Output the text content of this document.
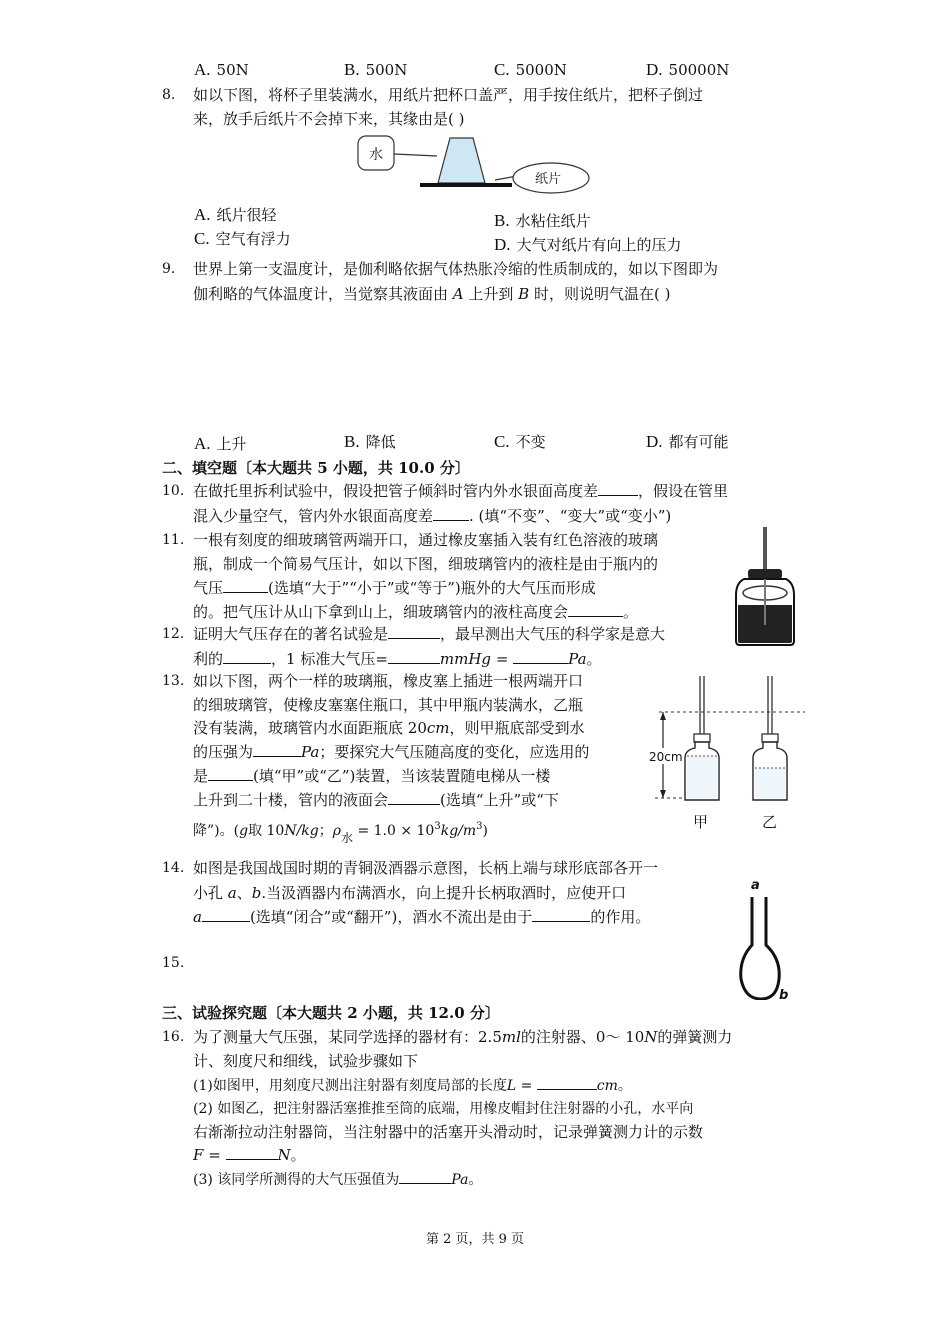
A. 50N	B. 500N	C. 5000N	D. 50000N
8. 如以下图，将杯子里装满水，用纸片把杯口盖严，用手按住纸片，把杯子倒过
来，放手后纸片不会掉下来，其缘由是( )
水
纸片
A. 纸片很轻	B. 水粘住纸片
C. 空气有浮力	D. 大气对纸片有向上的压力
9. 世界上第一支温度计，是伽利略依据气体热胀冷缩的性质制成的，如以下图即为
伽利略的气体温度计，当觉察其液面由 A 上升到 B 时，则说明气温在( )
A. 上升	B. 降低	C. 不变	D. 都有可能
二、填空题〔本大题共 5 小题，共 10.0 分〕
10. 在做托里拆利试验中，假设把管子倾斜时管内外水银面高度差	，假设在管里
混入少量空气，管内外水银面高度差 . (填“不变”、“变大”或“变小”)
11. 一根有刻度的细玻璃管两端开口，通过橡皮塞插入装有红色溶液的玻璃
瓶，制成一个简易气压计，如以下图，细玻璃管内的液柱是由于瓶内的
气压	(选填“大于”“小于”或“等于”)瓶外的大气压而形成
的。把气压计从山下拿到山上，细玻璃管内的液柱高度会	。
12. 证明大气压存在的著名试验是	，最早测出大气压的科学家是意大
利的	，1 标准大气压=	mmHg =	Pa。
13. 如以下图，两个一样的玻璃瓶，橡皮塞上插进一根两端开口
的细玻璃管，使橡皮塞塞住瓶口，其中甲瓶内装满水，乙瓶
没有装满，玻璃管内水面距瓶底 20cm，则甲瓶底部受到水
的压强为	Pa；要探究大气压随高度的变化，应选用的
是	(填“甲”或“乙”)装置，当该装置随电梯从一楼
上升到二十楼，管内的液面会	(选填“上升”或“下
降”)。(g取 10N/kg；ρ水 = $1.0 \times 10^3kg/m^3$)
20cm
甲	乙
14. 如图是我国战国时期的青铜汲酒器示意图，长柄上端与球形底部各开一
小孔 a、b.当汲酒器内布满酒水，向上提升长柄取酒时，应使开口
a	(选填“闭合”或“翻开”)，酒水不流出是由于	的作用。
a
b
15.
三、试验探究题〔本大题共 2 小题，共 12.0 分〕
16. 为了测量大气压强，某同学选择的器材有：2.5ml的注射器、0～ 10N的弹簧测力
计、刻度尺和细线，试验步骤如下
(1)如图甲，用刻度尺测出注射器有刻度局部的长度L =	cm。
(2) 如图乙，把注射器活塞推推至筒的底端，用橡皮帽封住注射器的小孔，水平向
右渐渐拉动注射器筒，当注射器中的活塞开头滑动时，记录弹簧测力计的示数
F =	N。
(3) 该同学所测得的大气压强值为	Pa。
第 2 页，共 9 页
